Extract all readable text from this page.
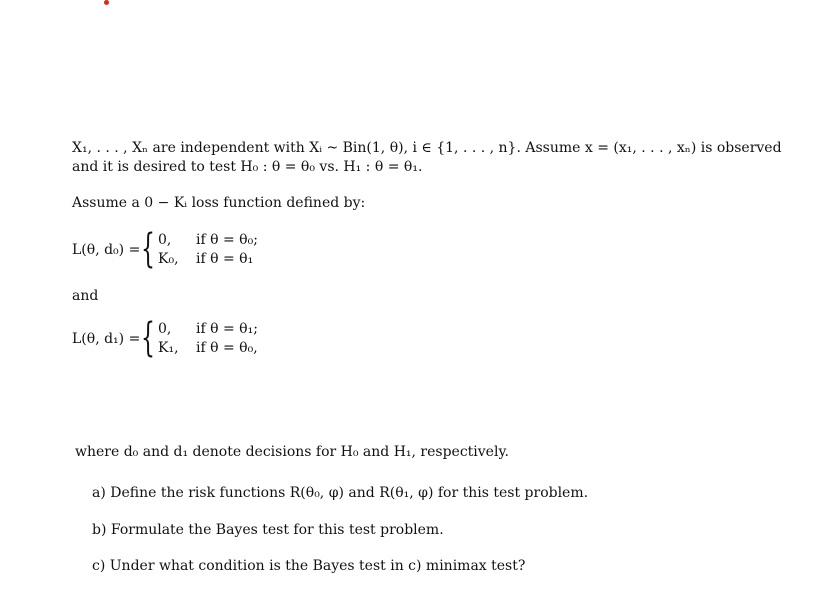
X₁, . . . , Xₙ are independent with Xᵢ ~ Bin(1, θ), i ∈ {1, . . . , n}. Assume x = (x₁, . . . , xₙ) is observed
and it is desired to test H₀ : θ = θ₀ vs. H₁ : θ = θ₁.
Assume a 0 − Kᵢ loss function defined by:
L(θ, d₀) = { 0, if θ = θ₀;
K₀, if θ = θ₁
and
L(θ, d₁) = { 0, if θ = θ₁;
K₁, if θ = θ₀,
where d₀ and d₁ denote decisions for H₀ and H₁, respectively.
a) Define the risk functions R(θ₀, φ) and R(θ₁, φ) for this test problem.
b) Formulate the Bayes test for this test problem.
c) Under what condition is the Bayes test in c) minimax test?
